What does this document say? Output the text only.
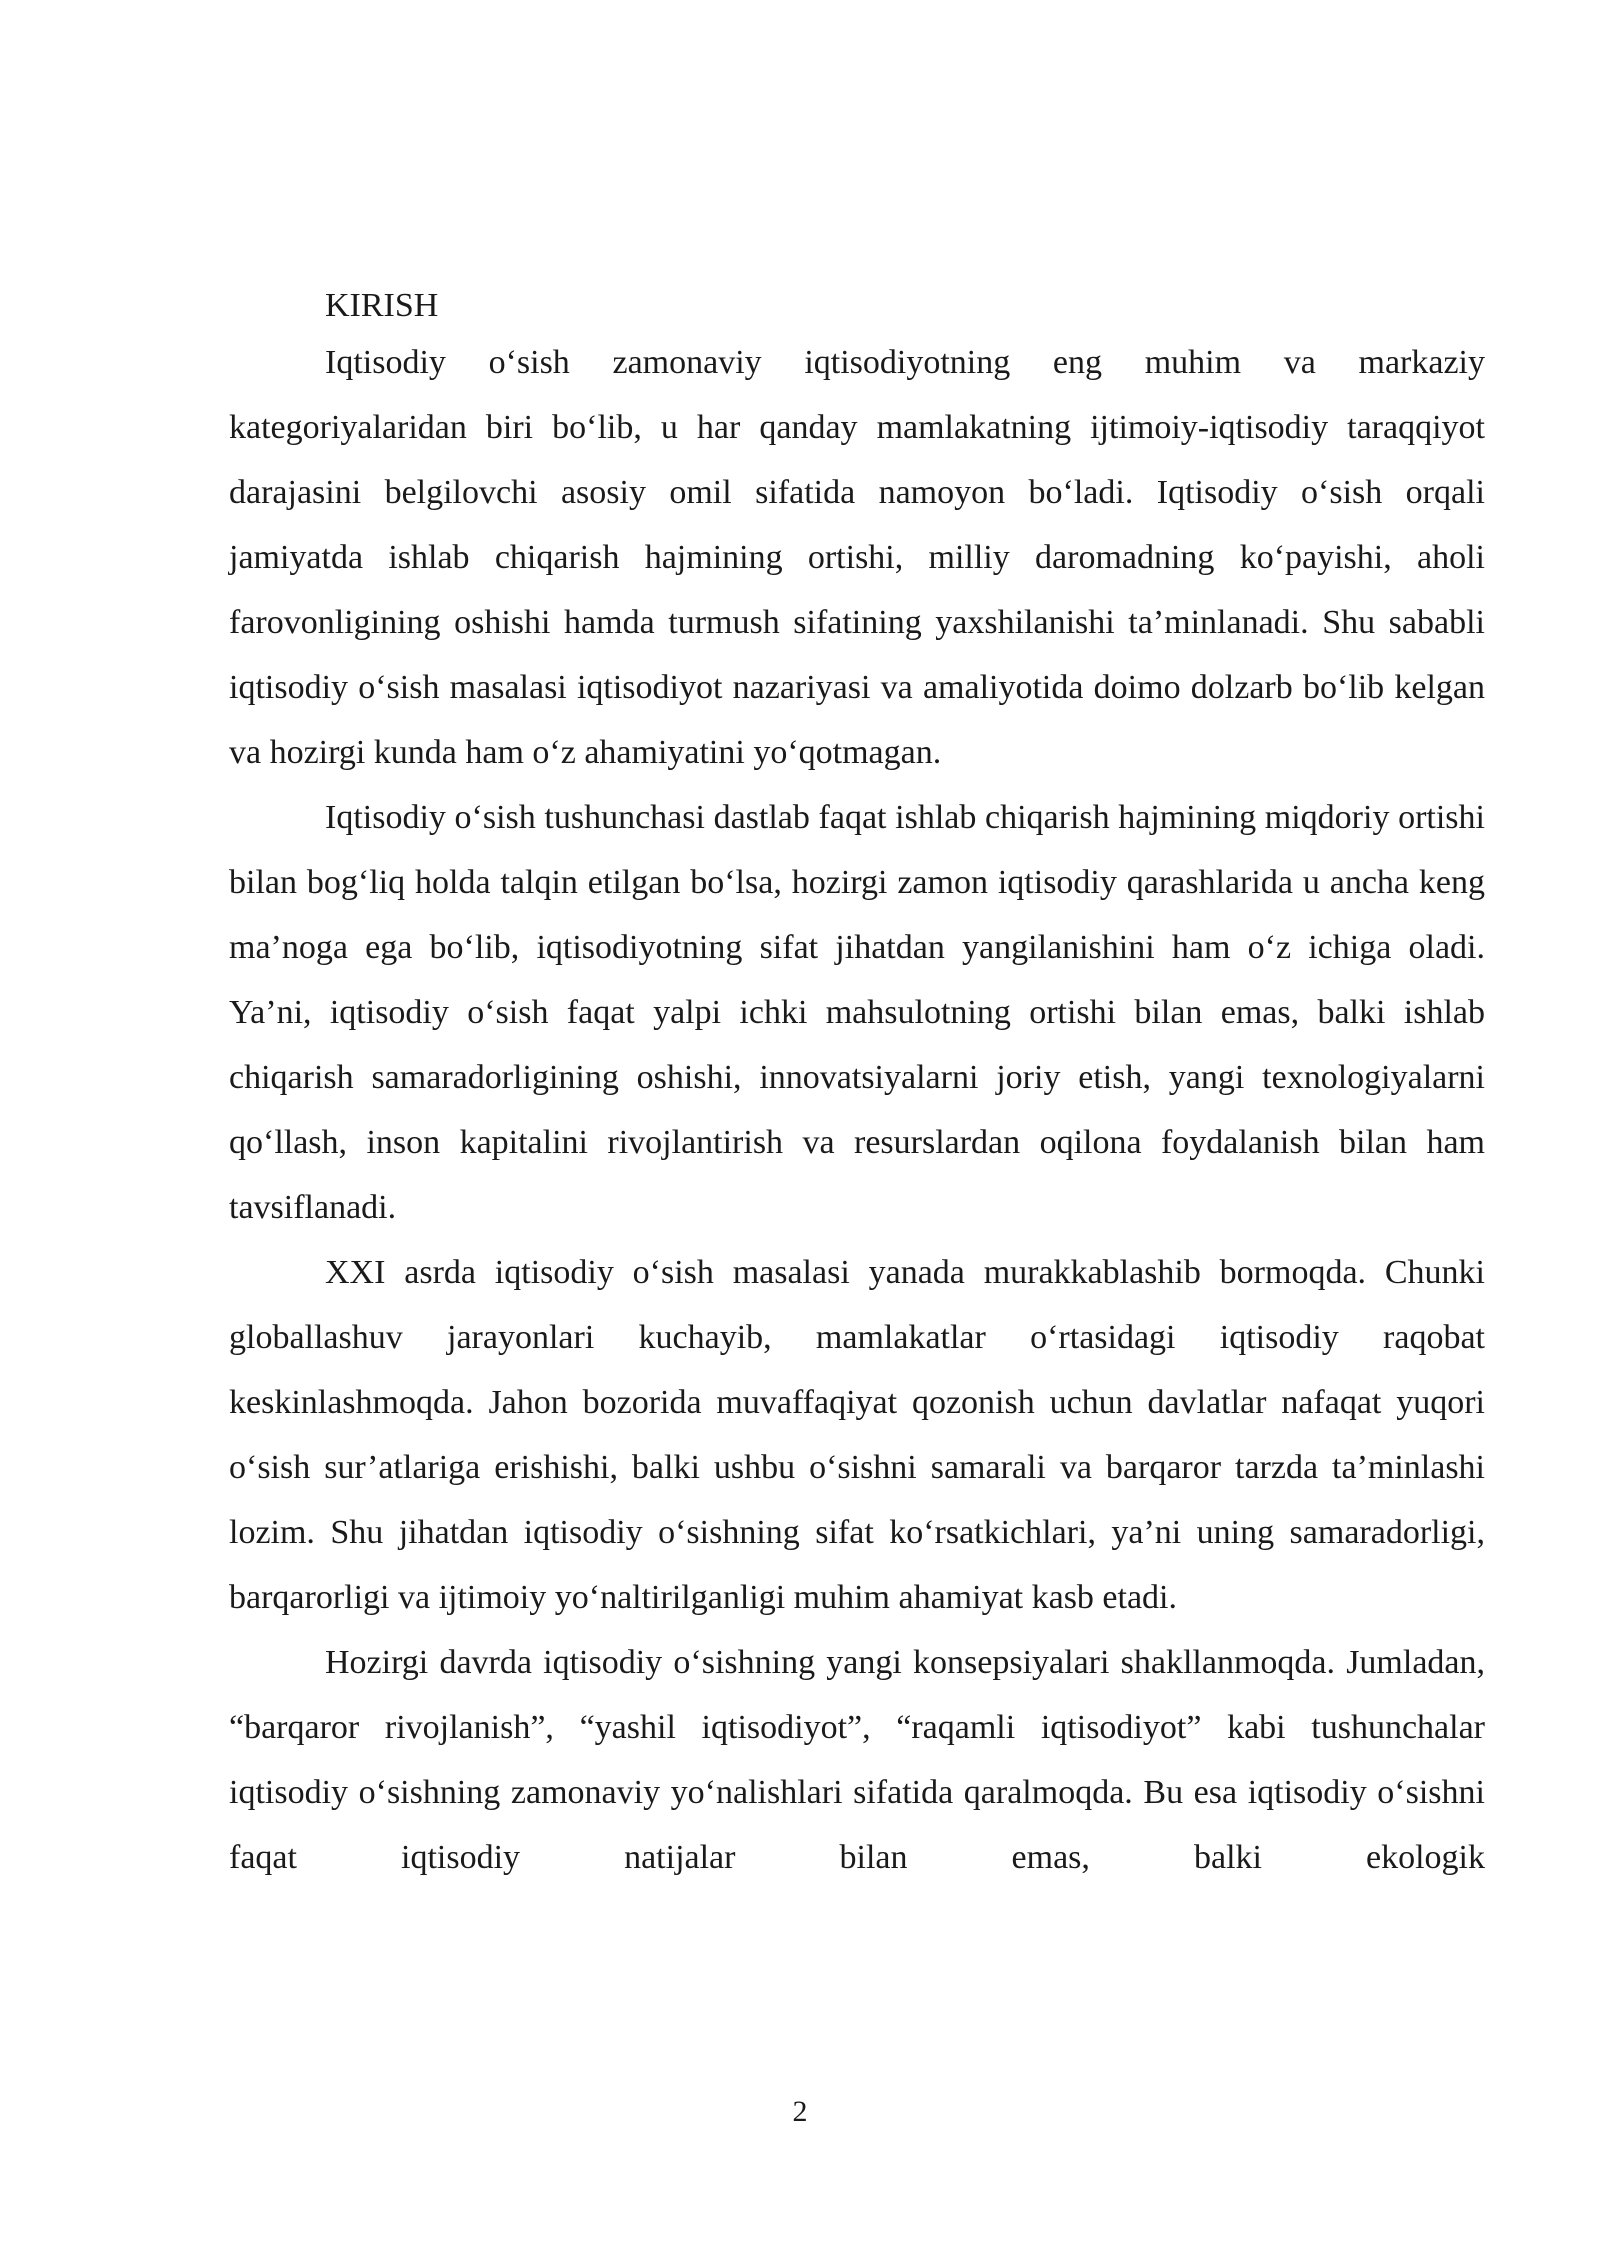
KIRISH

Iqtisodiy o‘sish zamonaviy iqtisodiyotning eng muhim va markaziy kategoriyalaridan biri bo‘lib, u har qanday mamlakatning ijtimoiy-iqtisodiy taraqqiyot darajasini belgilovchi asosiy omil sifatida namoyon bo‘ladi. Iqtisodiy o‘sish orqali jamiyatda ishlab chiqarish hajmining ortishi, milliy daromadning ko‘payishi, aholi farovonligining oshishi hamda turmush sifatining yaxshilanishi ta’minlanadi. Shu sababli iqtisodiy o‘sish masalasi iqtisodiyot nazariyasi va amaliyotida doimo dolzarb bo‘lib kelgan va hozirgi kunda ham o‘z ahamiyatini yo‘qotmagan.

Iqtisodiy o‘sish tushunchasi dastlab faqat ishlab chiqarish hajmining miqdoriy ortishi bilan bog‘liq holda talqin etilgan bo‘lsa, hozirgi zamon iqtisodiy qarashlarida u ancha keng ma’noga ega bo‘lib, iqtisodiyotning sifat jihatdan yangilanishini ham o‘z ichiga oladi. Ya’ni, iqtisodiy o‘sish faqat yalpi ichki mahsulotning ortishi bilan emas, balki ishlab chiqarish samaradorligining oshishi, innovatsiyalarni joriy etish, yangi texnologiyalarni qo‘llash, inson kapitalini rivojlantirish va resurslardan oqilona foydalanish bilan ham tavsiflanadi.

XXI asrda iqtisodiy o‘sish masalasi yanada murakkablashib bormoqda. Chunki globallashuv jarayonlari kuchayib, mamlakatlar o‘rtasidagi iqtisodiy raqobat keskinlashmoqda. Jahon bozorida muvaffaqiyat qozonish uchun davlatlar nafaqat yuqori o‘sish sur’atlariga erishishi, balki ushbu o‘sishni samarali va barqaror tarzda ta’minlashi lozim. Shu jihatdan iqtisodiy o‘sishning sifat ko‘rsatkichlari, ya’ni uning samaradorligi, barqarorligi va ijtimoiy yo‘naltirilganligi muhim ahamiyat kasb etadi.

Hozirgi davrda iqtisodiy o‘sishning yangi konsepsiyalari shakllanmoqda. Jumladan, “barqaror rivojlanish”, “yashil iqtisodiyot”, “raqamli iqtisodiyot” kabi tushunchalar iqtisodiy o‘sishning zamonaviy yo‘nalishlari sifatida qaralmoqda. Bu esa iqtisodiy o‘sishni faqat iqtisodiy natijalar bilan emas, balki ekologik

2
